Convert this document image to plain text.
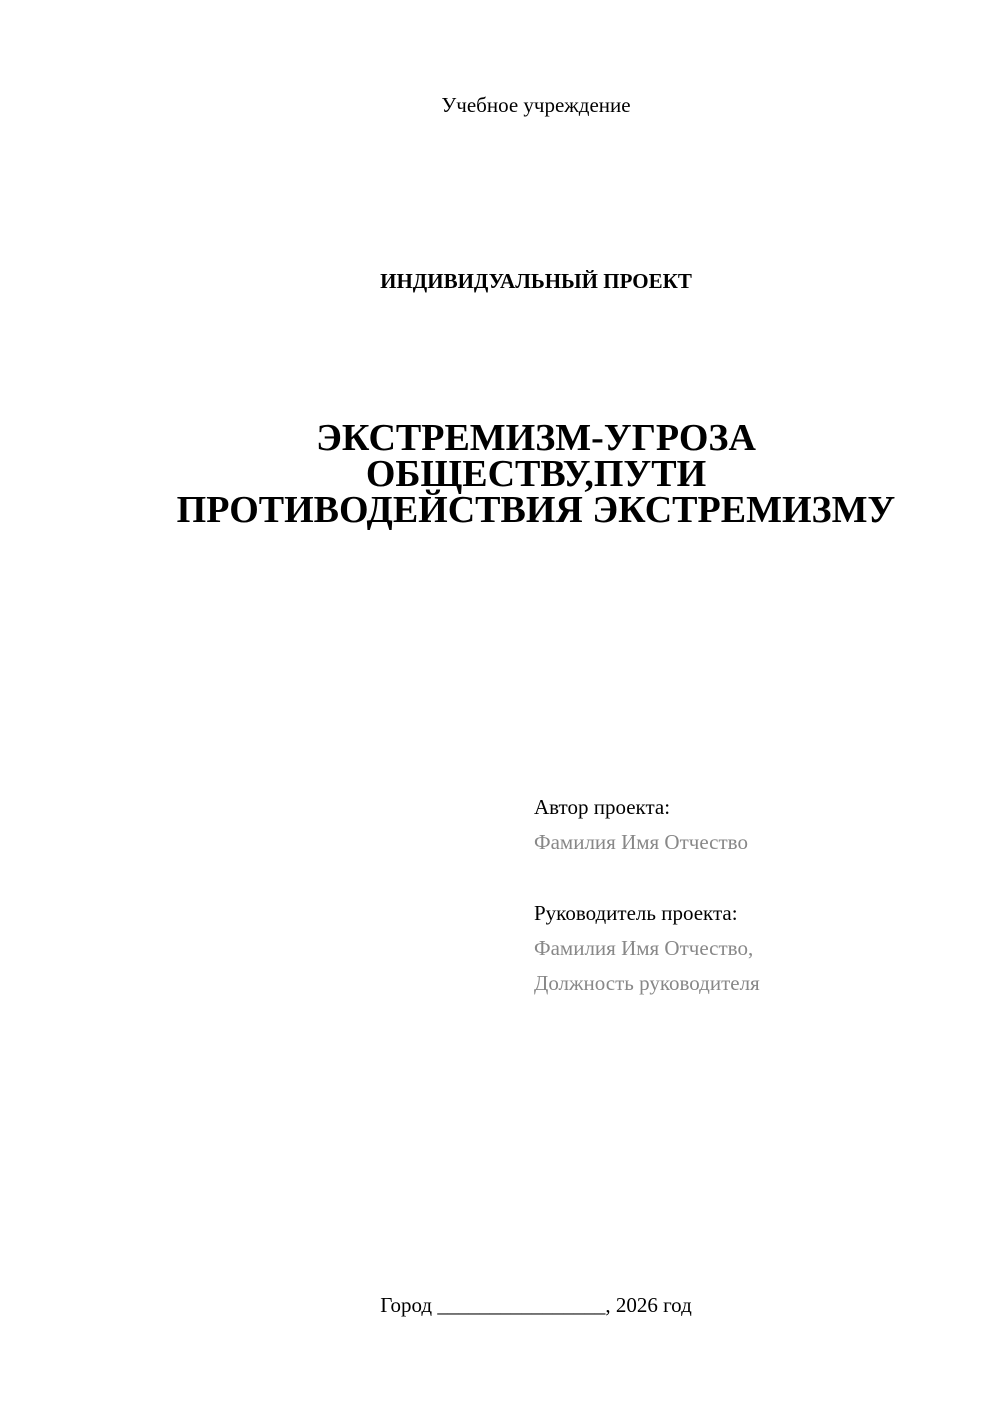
Учебное учреждение
ИНДИВИДУАЛЬНЫЙ ПРОЕКТ
ЭКСТРЕМИЗМ-УГРОЗА
ОБЩЕСТВУ,ПУТИ
ПРОТИВОДЕЙСТВИЯ ЭКСТРЕМИЗМУ
Автор проекта:
Фамилия Имя Отчество
Руководитель проекта:
Фамилия Имя Отчество,
Должность руководителя
Город ________________, 2026 год
